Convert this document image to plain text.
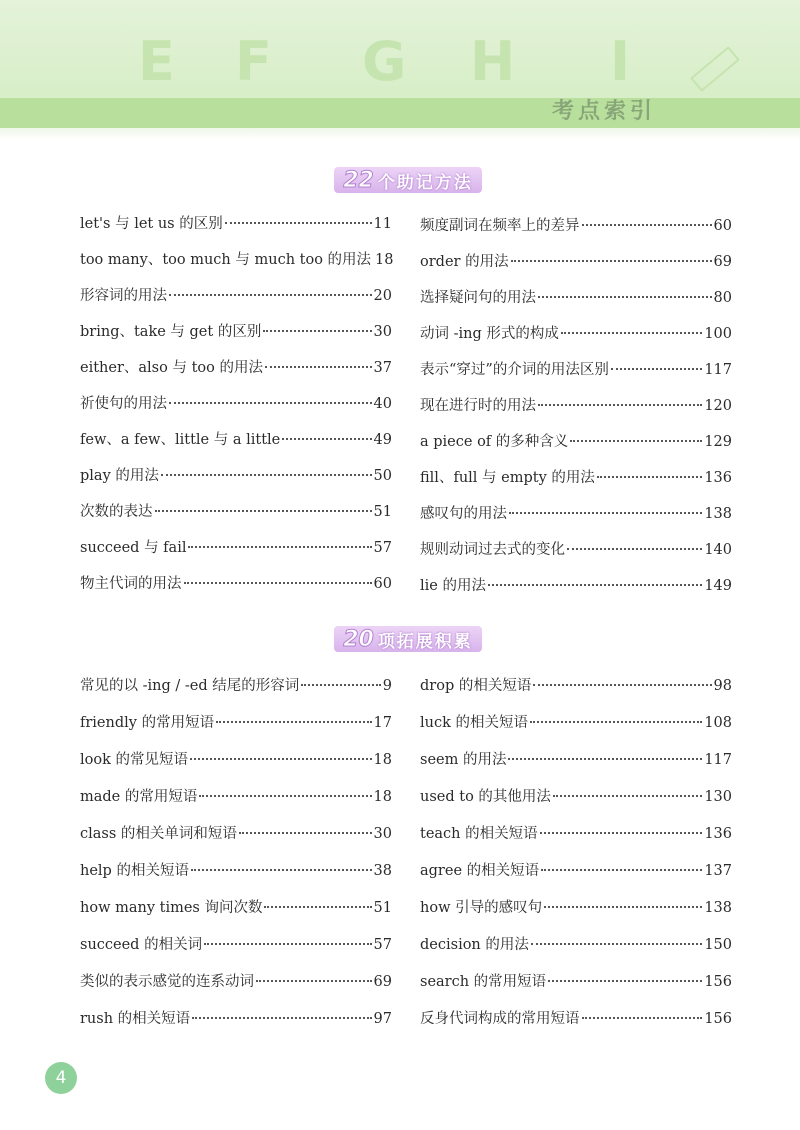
E F G H I
考点索引
22 个助记方法
let's 与 let us 的区别	11
too many、too much 与 much too 的用法 18
形容词的用法	20
bring、take 与 get 的区别	30
either、also 与 too 的用法	37
祈使句的用法	40
few、a few、little 与 a little	49
play 的用法	50
次数的表达	51
succeed 与 fail	57
物主代词的用法	60
频度副词在频率上的差异	60
order 的用法	69
选择疑问句的用法	80
动词 -ing 形式的构成	100
表示“穿过”的介词的用法区别	117
现在进行时的用法	120
a piece of 的多种含义	129
fill、full 与 empty 的用法	136
感叹句的用法	138
规则动词过去式的变化	140
lie 的用法	149
20 项拓展积累
常见的以 -ing / -ed 结尾的形容词	9
friendly 的常用短语	17
look 的常见短语	18
made 的常用短语	18
class 的相关单词和短语	30
help 的相关短语	38
how many times 询问次数	51
succeed 的相关词	57
类似的表示感觉的连系动词	69
rush 的相关短语	97
drop 的相关短语	98
luck 的相关短语	108
seem 的用法	117
used to 的其他用法	130
teach 的相关短语	136
agree 的相关短语	137
how 引导的感叹句	138
decision 的用法	150
search 的常用短语	156
反身代词构成的常用短语	156
4
